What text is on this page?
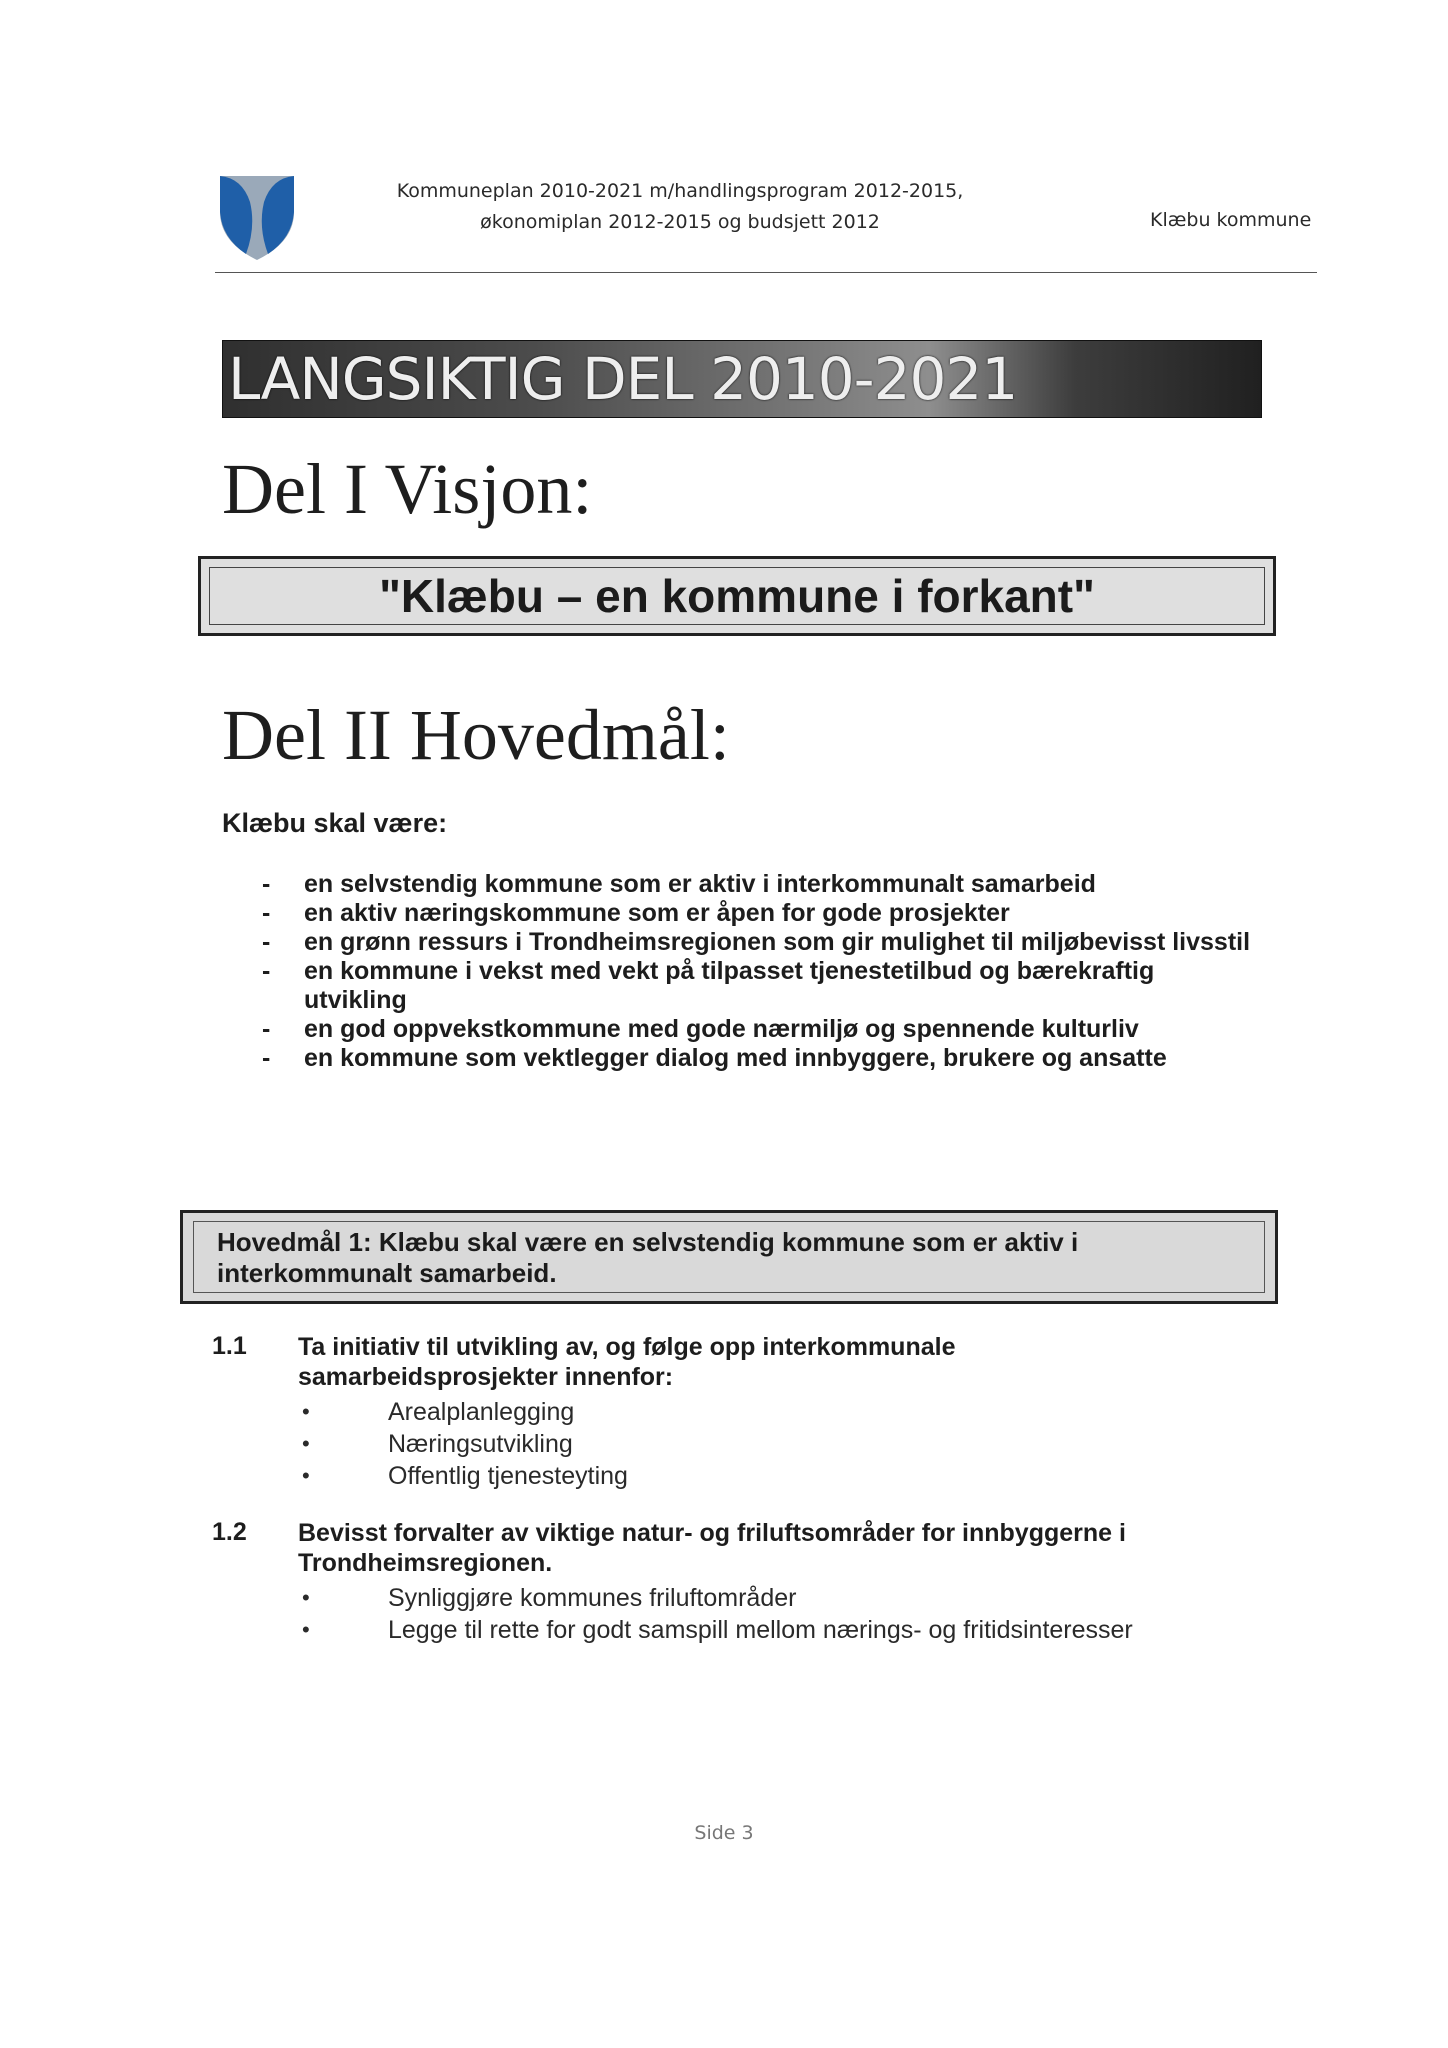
Kommuneplan 2010-2021 m/handlingsprogram 2012-2015,
økonomiplan 2012-2015 og budsjett 2012	Klæbu kommune
LANGSIKTIG DEL 2010-2021
Del I Visjon:
"Klæbu – en kommune i forkant"
Del II Hovedmål:
Klæbu skal være:
- en selvstendig kommune som er aktiv i interkommunalt samarbeid
- en aktiv næringskommune som er åpen for gode prosjekter
- en grønn ressurs i Trondheimsregionen som gir mulighet til miljøbevisst livsstil
- en kommune i vekst med vekt på tilpasset tjenestetilbud og bærekraftig utvikling
- en god oppvekstkommune med gode nærmiljø og spennende kulturliv
- en kommune som vektlegger dialog med innbyggere, brukere og ansatte
Hovedmål 1: Klæbu skal være en selvstendig kommune som er aktiv i interkommunalt samarbeid.
1.1 Ta initiativ til utvikling av, og følge opp interkommunale samarbeidsprosjekter innenfor:
•	Arealplanlegging
•	Næringsutvikling
•	Offentlig tjenesteyting
1.2 Bevisst forvalter av viktige natur- og friluftsområder for innbyggerne i Trondheimsregionen.
•	Synliggjøre kommunes friluftområder
•	Legge til rette for godt samspill mellom nærings- og fritidsinteresser
Side 3
